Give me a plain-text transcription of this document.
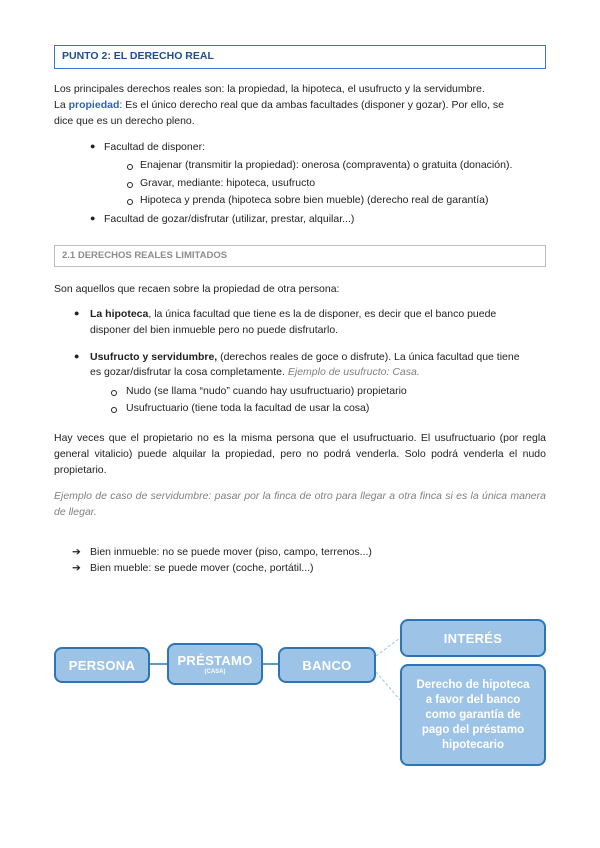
PUNTO 2: EL DERECHO REAL
Los principales derechos reales son: la propiedad, la hipoteca, el usufructo y la servidumbre.
La propiedad: Es el único derecho real que da ambas facultades (disponer y gozar). Por ello, se
dice que es un derecho pleno.
● Facultad de disponer:
Enajenar (transmitir la propiedad): onerosa (compraventa) o gratuita (donación).
Gravar, mediante: hipoteca, usufructo
Hipoteca y prenda (hipoteca sobre bien mueble) (derecho real de garantía)
● Facultad de gozar/disfrutar (utilizar, prestar, alquilar...)
2.1 DERECHOS REALES LIMITADOS
Son aquellos que recaen sobre la propiedad de otra persona:
● La hipoteca, la única facultad que tiene es la de disponer, es decir que el banco puede
disponer del bien inmueble pero no puede disfrutarlo.
● Usufructo y servidumbre, (derechos reales de goce o disfrute). La única facultad que tiene
es gozar/disfrutar la cosa completamente. Ejemplo de usufructo: Casa.
Nudo (se llama “nudo” cuando hay usufructuario) propietario
Usufructuario (tiene toda la facultad de usar la cosa)
Hay veces que el propietario no es la misma persona que el usufructuario. El usufructuario (por regla general vitalicio) puede alquilar la propiedad, pero no podrá venderla. Solo podrá venderla el nudo propietario.
Ejemplo de caso de servidumbre: pasar por la finca de otro para llegar a otra finca si es la única manera de llegar.
➔ Bien inmueble: no se puede mover (piso, campo, terrenos...)
➔ Bien mueble: se puede mover (coche, portátil...)
PERSONA	PRÉSTAMO
(CASA)	BANCO
INTERÉS
Derecho de hipoteca a favor del banco como garantía de pago del préstamo hipotecario
